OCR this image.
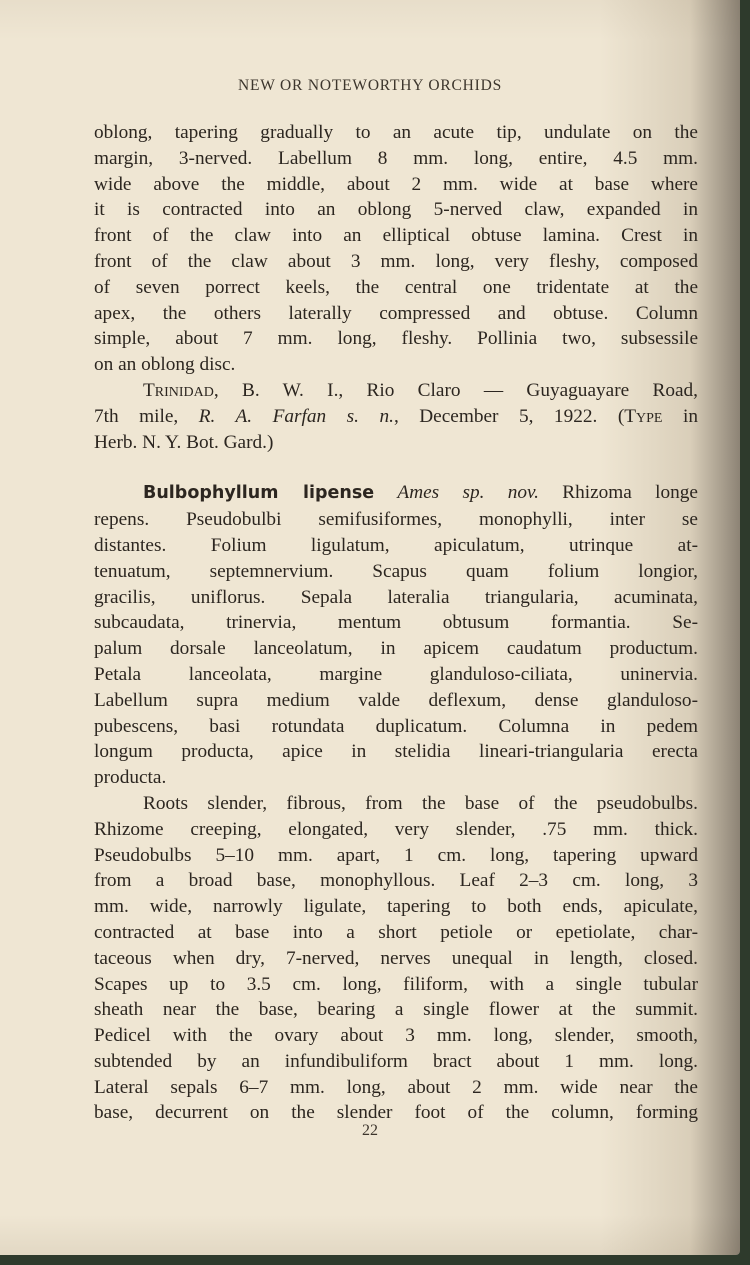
NEW OR NOTEWORTHY ORCHIDS

oblong, tapering gradually to an acute tip, undulate on the
margin, 3-nerved. Labellum 8 mm. long, entire, 4.5 mm.
wide above the middle, about 2 mm. wide at base where
it is contracted into an oblong 5-nerved claw, expanded in
front of the claw into an elliptical obtuse lamina. Crest in
front of the claw about 3 mm. long, very fleshy, composed
of seven porrect keels, the central one tridentate at the
apex, the others laterally compressed and obtuse. Column
simple, about 7 mm. long, fleshy. Pollinia two, subsessile
on an oblong disc.

Trinidad, B. W. I., Rio Claro — Guyaguayare Road,
7th mile, R. A. Farfan s. n., December 5, 1922. (Type in
Herb. N. Y. Bot. Gard.)

Bulbophyllum lipense Ames sp. nov. Rhizoma longe
repens. Pseudobulbi semifusiformes, monophylli, inter se
distantes. Folium ligulatum, apiculatum, utrinque at-
tenuatum, septemnervium. Scapus quam folium longior,
gracilis, uniflorus. Sepala lateralia triangularia, acuminata,
subcaudata, trinervia, mentum obtusum formantia. Se-
palum dorsale lanceolatum, in apicem caudatum productum.
Petala lanceolata, margine glanduloso-ciliata, uninervia.
Labellum supra medium valde deflexum, dense glanduloso-
pubescens, basi rotundata duplicatum. Columna in pedem
longum producta, apice in stelidia lineari-triangularia erecta
producta.

Roots slender, fibrous, from the base of the pseudobulbs.
Rhizome creeping, elongated, very slender, .75 mm. thick.
Pseudobulbs 5–10 mm. apart, 1 cm. long, tapering upward
from a broad base, monophyllous. Leaf 2–3 cm. long, 3
mm. wide, narrowly ligulate, tapering to both ends, apiculate,
contracted at base into a short petiole or epetiolate, char-
taceous when dry, 7-nerved, nerves unequal in length, closed.
Scapes up to 3.5 cm. long, filiform, with a single tubular
sheath near the base, bearing a single flower at the summit.
Pedicel with the ovary about 3 mm. long, slender, smooth,
subtended by an infundibuliform bract about 1 mm. long.
Lateral sepals 6–7 mm. long, about 2 mm. wide near the
base, decurrent on the slender foot of the column, forming

22
